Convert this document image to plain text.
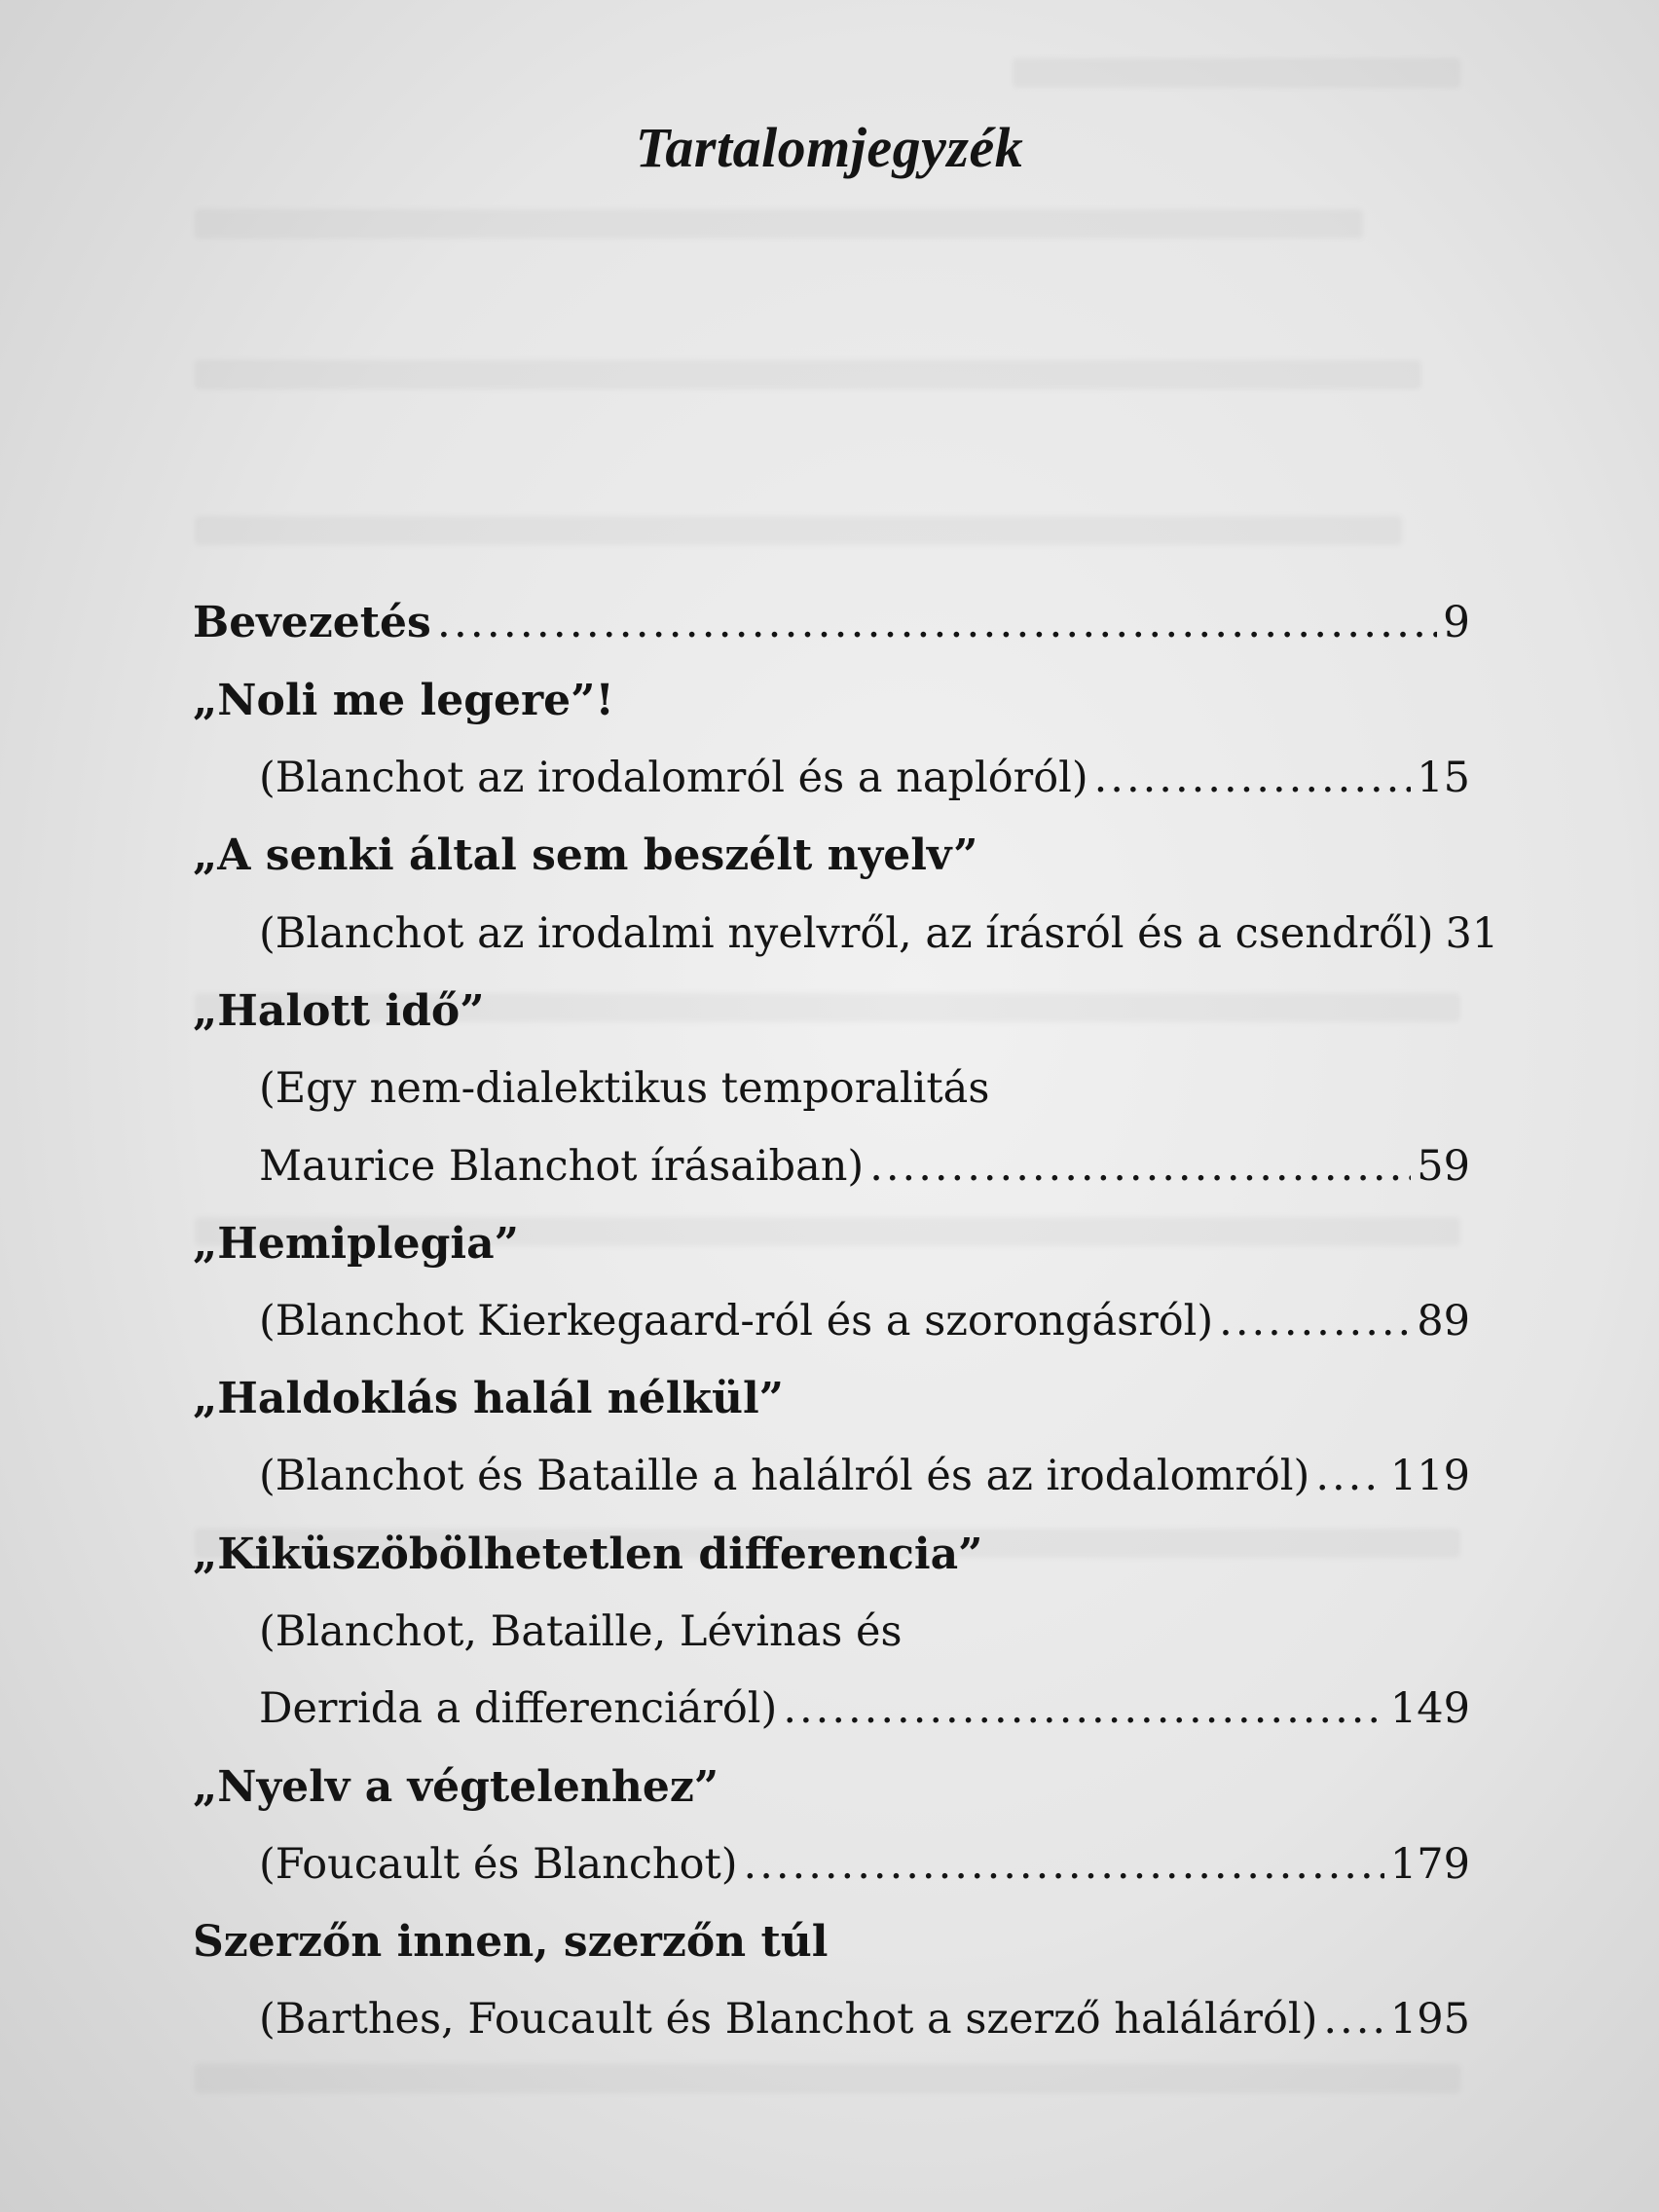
Tartalomjegyzék
Bevezetés .....	9
„Noli me legere”!
(Blanchot az irodalomról és a naplóról) .....	15
„A senki által sem beszélt nyelv”
(Blanchot az irodalmi nyelvről, az írásról és a csendről) 31
„Halott idő”
(Egy nem-dialektikus temporalitás
Maurice Blanchot írásaiban) .....	59
„Hemiplegia”
(Blanchot Kierkegaard-ról és a szorongásról) .....	89
„Haldoklás halál nélkül”
(Blanchot és Bataille a halálról és az irodalomról) ..... 119
„Kiküszöbölhetetlen differencia”
(Blanchot, Bataille, Lévinas és
Derrida a differenciáról) .....	149
„Nyelv a végtelenhez”
(Foucault és Blanchot) .....	179
Szerzőn innen, szerzőn túl
(Barthes, Foucault és Blanchot a szerző haláláról) ..... 195
